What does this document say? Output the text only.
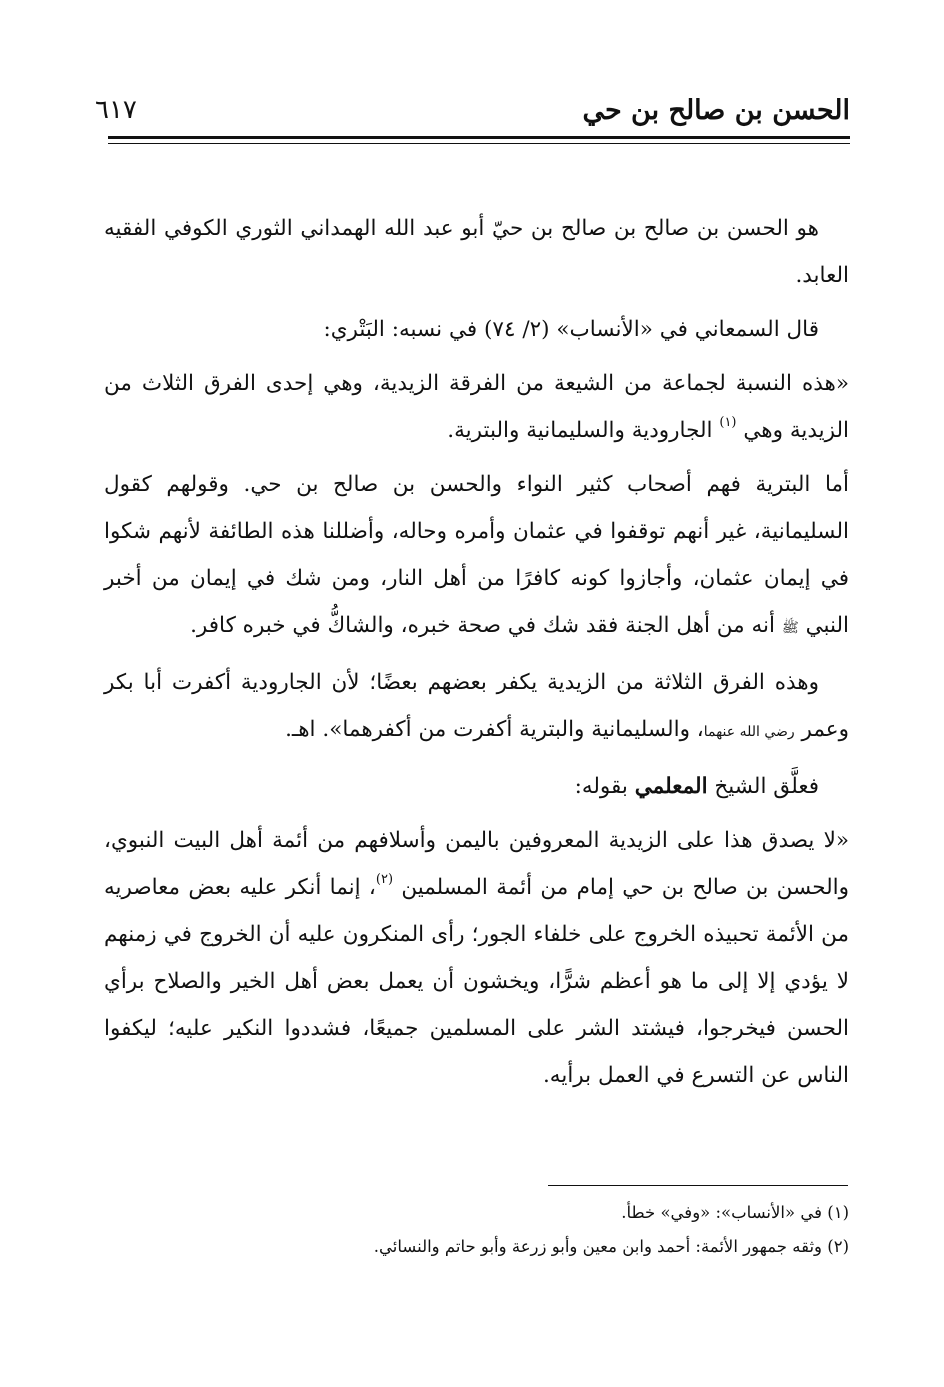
الحسن بن صالح بن حي
٦١٧

هو الحسن بن صالح بن صالح بن حيّ أبو عبد الله الهمداني الثوري الكوفي الفقيه العابد.

قال السمعاني في «الأنساب» (٢/ ٧٤) في نسبه: البَتْري:

«هذه النسبة لجماعة من الشيعة من الفرقة الزيدية، وهي إحدى الفرق الثلاث من الزيدية وهي $^{(١)}$ الجارودية والسليمانية والبترية.

أما البترية فهم أصحاب كثير النواء والحسن بن صالح بن حي. وقولهم كقول السليمانية، غير أنهم توقفوا في عثمان وأمره وحاله، وأضللنا هذه الطائفة لأنهم شكوا في إيمان عثمان، وأجازوا كونه كافرًا من أهل النار، ومن شك في إيمان من أخبر النبي ﷺ أنه من أهل الجنة فقد شك في صحة خبره، والشاكُّ في خبره كافر.

وهذه الفرق الثلاثة من الزيدية يكفر بعضهم بعضًا؛ لأن الجارودية أكفرت أبا بكر وعمر رضي الله عنهما، والسليمانية والبترية أكفرت من أكفرهما». اهـ.

فعلَّق الشيخ المعلمي بقوله:

«لا يصدق هذا على الزيدية المعروفين باليمن وأسلافهم من أئمة أهل البيت النبوي، والحسن بن صالح بن حي إمام من أئمة المسلمين $^{(٢)}$، إنما أنكر عليه بعض معاصريه من الأئمة تحبيذه الخروج على خلفاء الجور؛ رأى المنكرون عليه أن الخروج في زمنهم لا يؤدي إلا إلى ما هو أعظم شرًّا، ويخشون أن يعمل بعض أهل الخير والصلاح برأي الحسن فيخرجوا، فيشتد الشر على المسلمين جميعًا، فشددوا النكير عليه؛ ليكفوا الناس عن التسرع في العمل برأيه.

(١) في «الأنساب»: «وفي» خطأ.

(٢) وثقه جمهور الأئمة: أحمد وابن معين وأبو زرعة وأبو حاتم والنسائي.
